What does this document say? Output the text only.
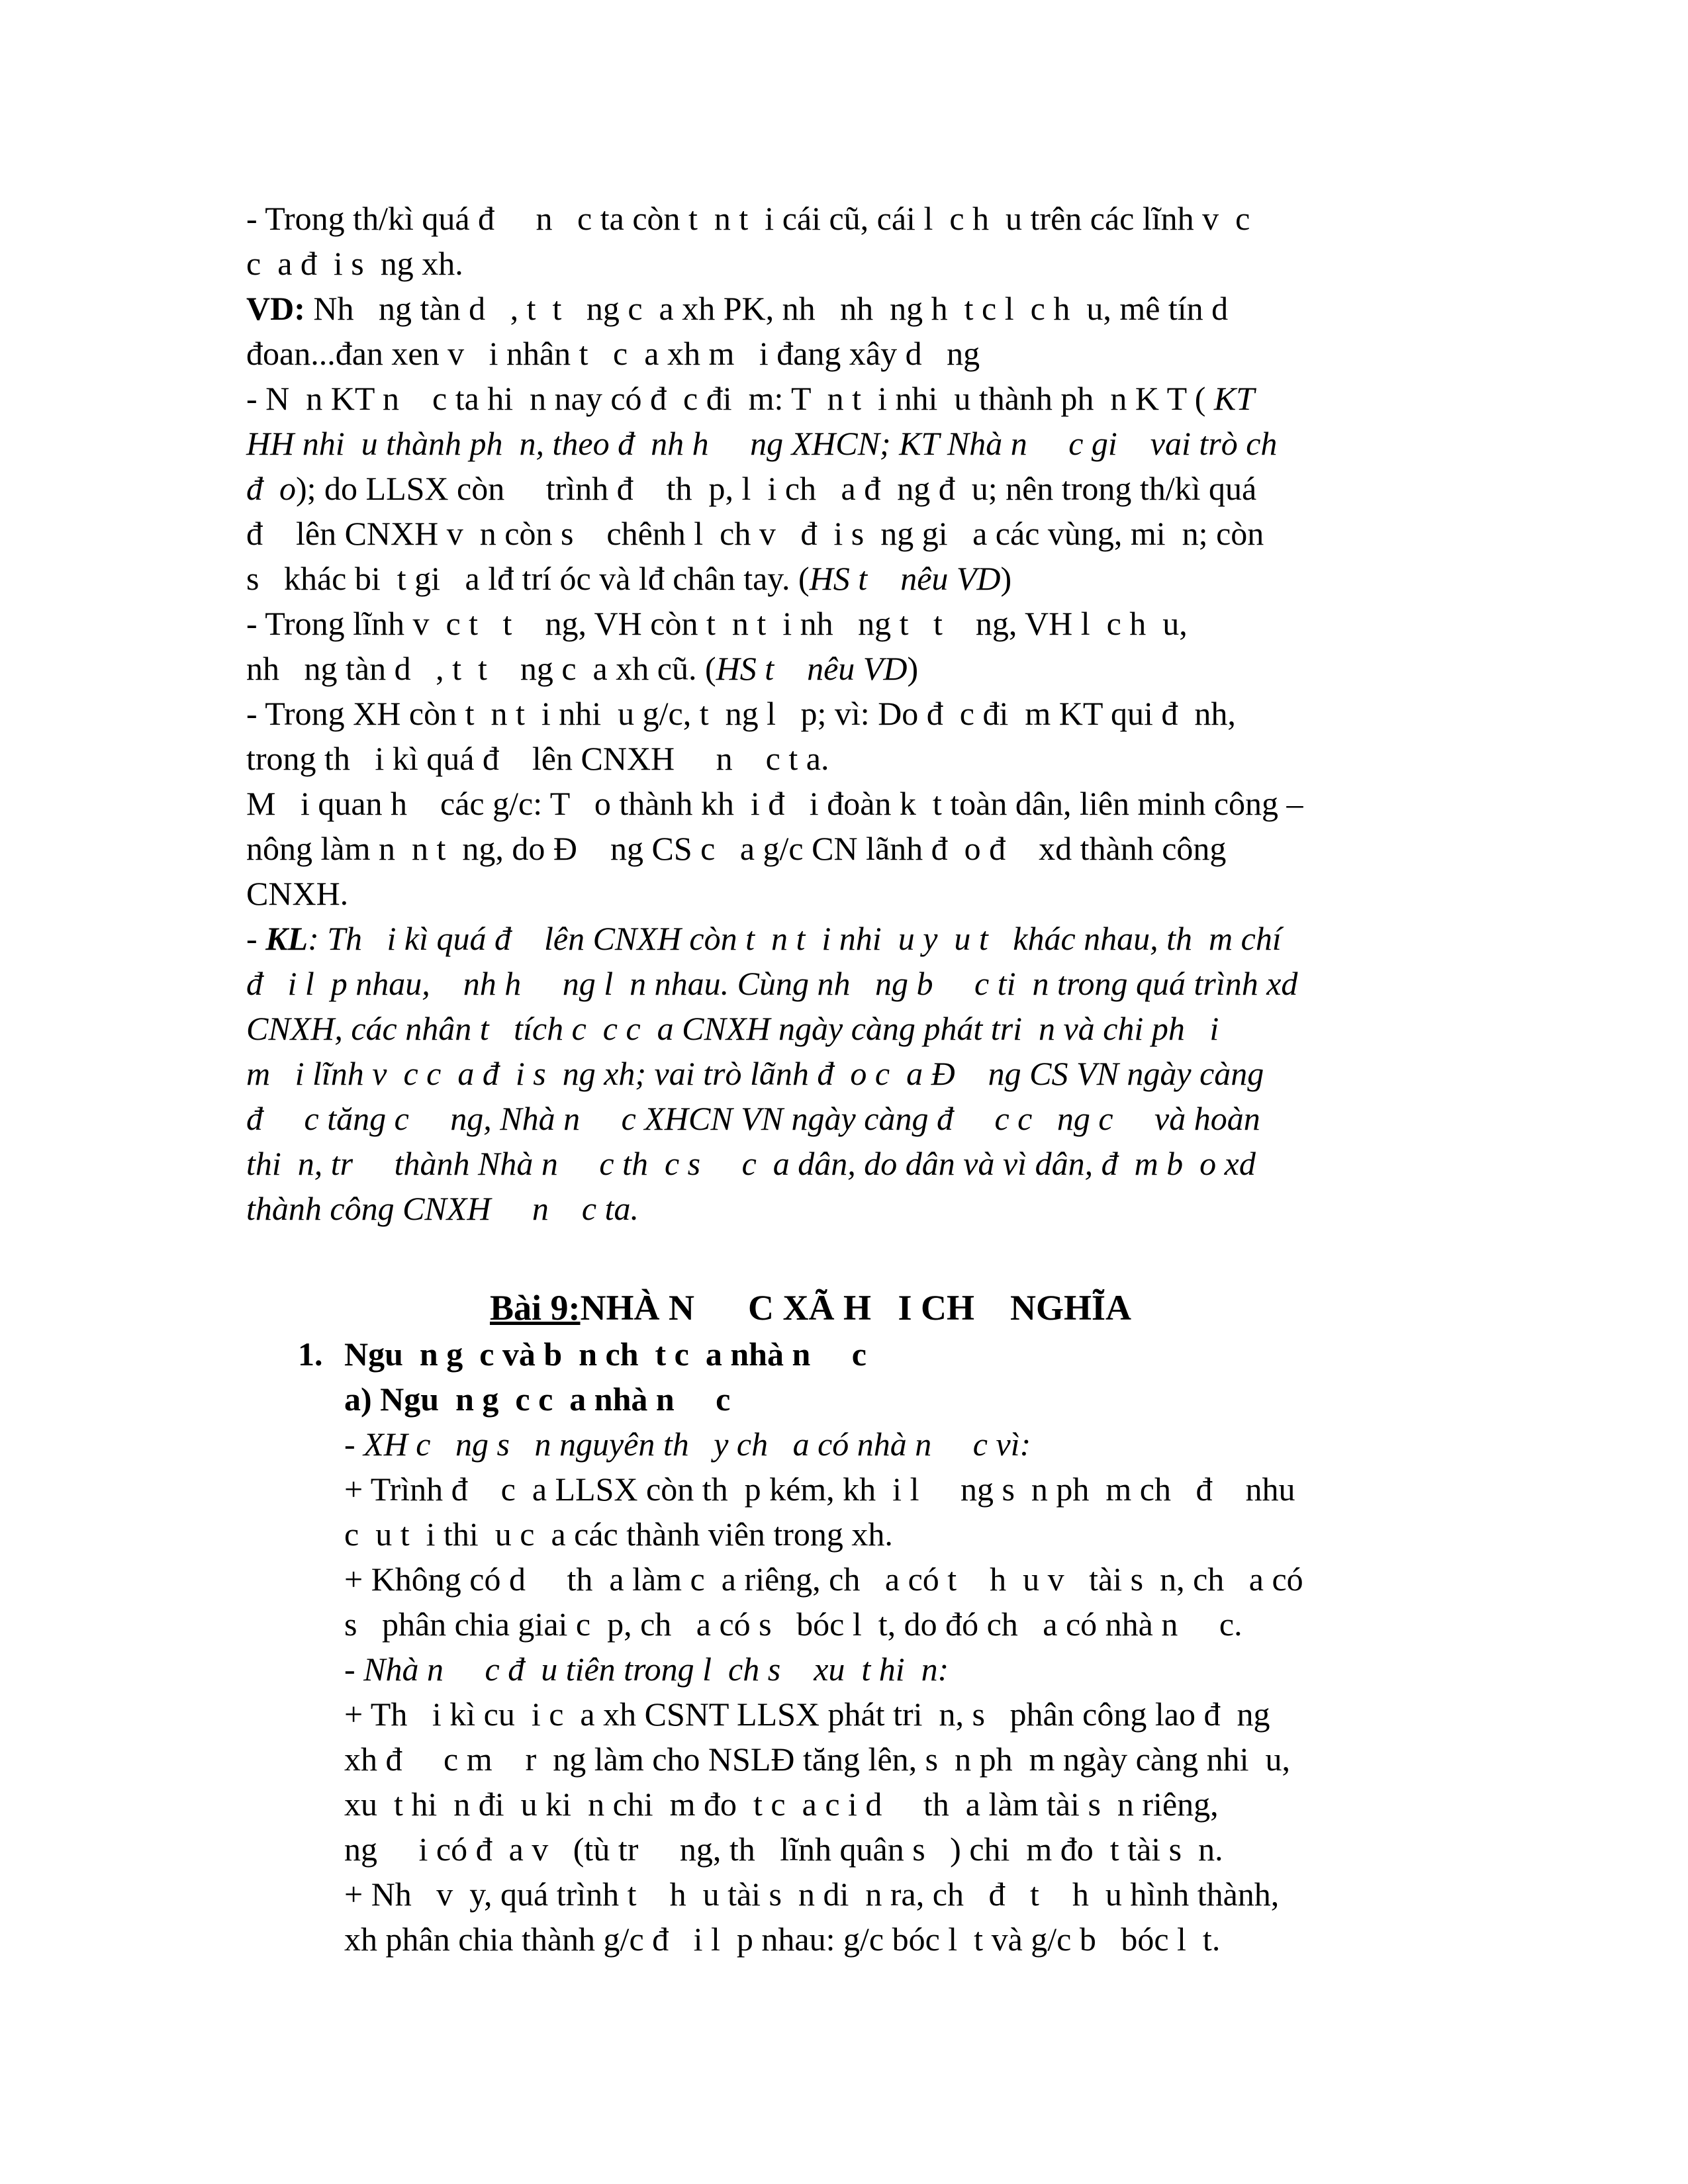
- Trong th/kì quá đ     n   c ta còn t  n t  i cái cũ, cái l  c h  u trên các lĩnh v  c
c  a đ  i s  ng xh.
VD: Nh   ng tàn d   , t  t   ng c  a xh PK, nh   nh  ng h  t c l  c h  u, mê tín d
đoan...đan xen v   i nhân t   c  a xh m   i đang xây d   ng
- N  n KT n    c ta hi  n nay có đ  c đi  m: T  n t  i nhi  u thành ph  n K T ( KT
HH nhi  u thành ph  n, theo đ  nh h     ng XHCN; KT Nhà n     c gi    vai trò ch
đ  o); do LLSX còn     trình đ    th  p, l  i ch   a đ  ng đ  u; nên trong th/kì quá
đ    lên CNXH v  n còn s    chênh l  ch v   đ  i s  ng gi   a các vùng, mi  n; còn
s   khác bi  t gi   a lđ trí óc và lđ chân tay. (HS t    nêu VD)
- Trong lĩnh v  c t   t    ng, VH còn t  n t  i nh   ng t   t    ng, VH l  c h  u,
nh   ng tàn d   , t  t    ng c  a xh cũ. (HS t    nêu VD)
- Trong XH còn t  n t  i nhi  u g/c, t  ng l   p; vì: Do đ  c đi  m KT qui đ  nh,
trong th   i kì quá đ    lên CNXH     n    c t a.
M   i quan h    các g/c: T   o thành kh  i đ   i đoàn k  t toàn dân, liên minh công –
nông làm n  n t  ng, do Đ    ng CS c   a g/c CN lãnh đ  o đ    xd thành công
CNXH.
- KL: Th   i kì quá đ    lên CNXH còn t  n t  i nhi  u y  u t   khác nhau, th  m chí
đ   i l  p nhau,    nh h     ng l  n nhau. Cùng nh   ng b     c ti  n trong quá trình xd
CNXH, các nhân t   tích c  c c  a CNXH ngày càng phát tri  n và chi ph   i
m   i lĩnh v  c c  a đ  i s  ng xh; vai trò lãnh đ  o c  a Đ    ng CS VN ngày càng
đ     c tăng c     ng, Nhà n     c XHCN VN ngày càng đ     c c   ng c     và hoàn
thi  n, tr     thành Nhà n     c th  c s     c  a dân, do dân và vì dân, đ  m b  o xd
thành công CNXH     n    c ta.
Bài 9:NHÀ N      C XÃ H   I CH    NGHĨA
1. Ngu  n g  c và b  n ch  t c  a nhà n     c
a) Ngu  n g  c c  a nhà n     c
- XH c   ng s   n nguyên th   y ch   a có nhà n     c vì:
+ Trình đ    c  a LLSX còn th  p kém, kh  i l     ng s  n ph  m ch   đ    nhu
c  u t  i thi  u c  a các thành viên trong xh.
+ Không có d     th  a làm c  a riêng, ch   a có t    h  u v   tài s  n, ch   a có
s   phân chia giai c  p, ch   a có s   bóc l  t, do đó ch   a có nhà n     c.
- Nhà n     c đ  u tiên trong l  ch s    xu  t hi  n:
+ Th   i kì cu  i c  a xh CSNT LLSX phát tri  n, s   phân công lao đ  ng
xh đ     c m    r  ng làm cho NSLĐ tăng lên, s  n ph  m ngày càng nhi  u,
xu  t hi  n đi  u ki  n chi  m đo  t c  a c i d     th  a làm tài s  n riêng,
ng     i có đ  a v   (tù tr     ng, th   lĩnh quân s   ) chi  m đo  t tài s  n.
+ Nh   v  y, quá trình t    h  u tài s  n di  n ra, ch   đ   t    h  u hình thành,
xh phân chia thành g/c đ   i l  p nhau: g/c bóc l  t và g/c b   bóc l  t.
